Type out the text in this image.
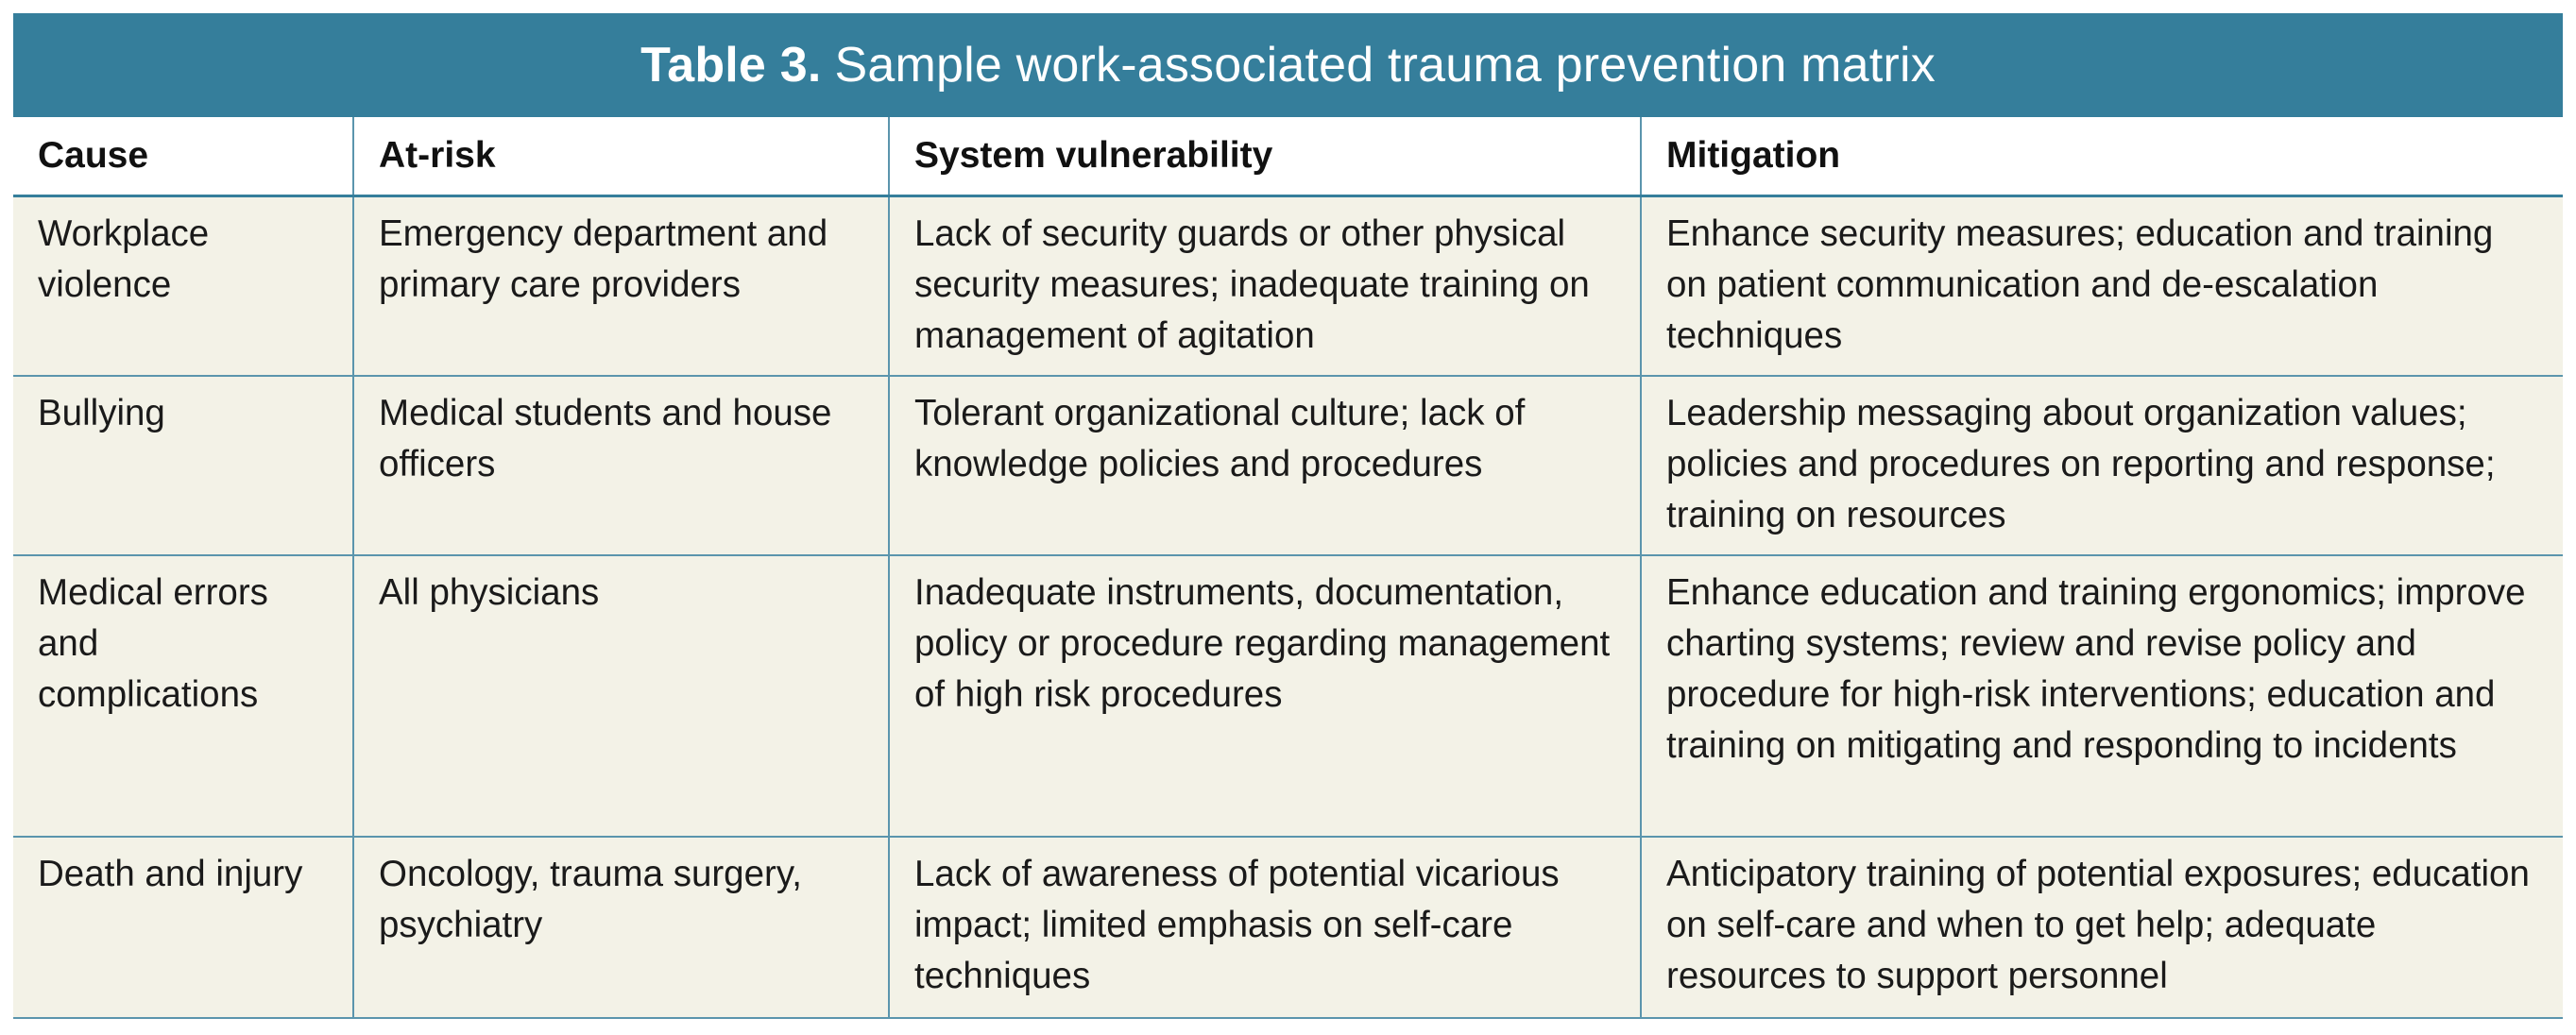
Table 3. Sample work-associated trauma prevention matrix
Cause	At-risk	System vulnerability	Mitigation
Workplace violence	Emergency department and primary care providers	Lack of security guards or other physical security measures; inadequate training on management of agitation	Enhance security measures; education and training on patient communication and de-escalation techniques
Bullying	Medical students and house officers	Tolerant organizational culture; lack of knowledge policies and procedures	Leadership messaging about organization values; policies and procedures on reporting and response; training on resources
Medical errors and complications	All physicians	Inadequate instruments, documentation, policy or procedure regarding management of high risk procedures	Enhance education and training ergonomics; improve charting systems; review and revise policy and procedure for high-risk interventions; education and training on mitigating and responding to incidents
Death and injury	Oncology, trauma surgery, psychiatry	Lack of awareness of potential vicarious impact; limited emphasis on self-care techniques	Anticipatory training of potential exposures; education on self-care and when to get help; adequate resources to support personnel
